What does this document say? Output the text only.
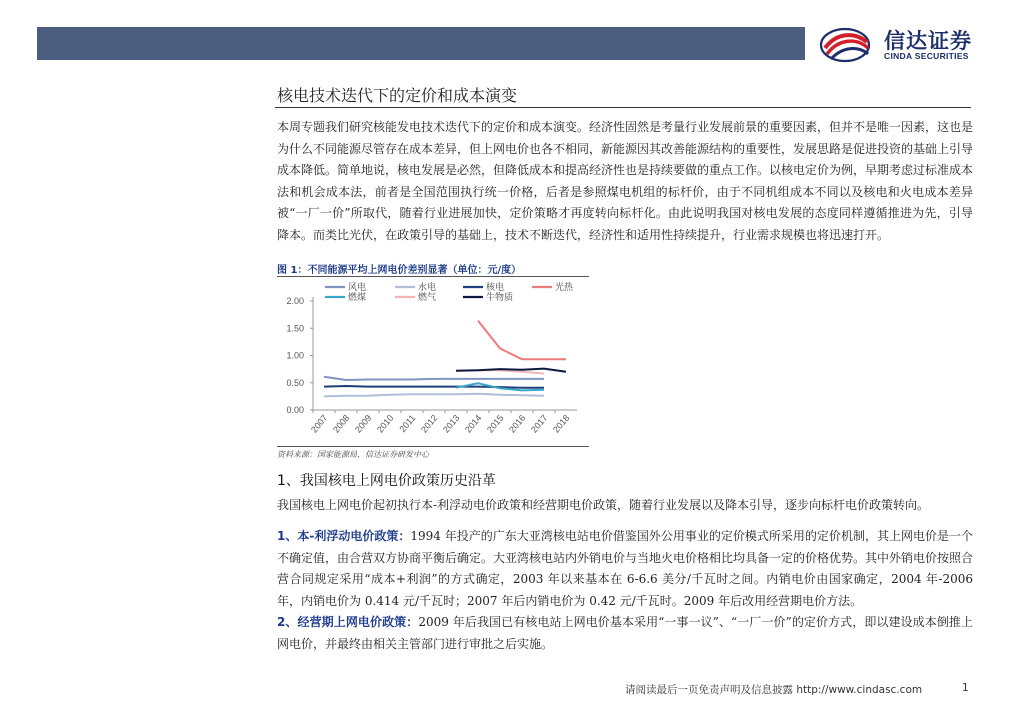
信达证券
CINDA SECURITIES
核电技术迭代下的定价和成本演变
本周专题我们研究核能发电技术迭代下的定价和成本演变。经济性固然是考量行业发展前景的重要因素，但并不是唯一因素，这也是为什么不同能源尽管存在成本差异，但上网电价也各不相同，新能源因其改善能源结构的重要性，发展思路是促进投资的基础上引导成本降低。简单地说，核电发展是必然，但降低成本和提高经济性也是持续要做的重点工作。以核电定价为例，早期考虑过标准成本法和机会成本法，前者是全国范围执行统一价格，后者是参照煤电机组的标杆价，由于不同机组成本不同以及核电和火电成本差异被“一厂一价”所取代，随着行业进展加快，定价策略才再度转向标杆化。由此说明我国对核电发展的态度同样遵循推进为先，引导降本。而类比光伏，在政策引导的基础上，技术不断迭代，经济性和适用性持续提升，行业需求规模也将迅速打开。
图 1：不同能源平均上网电价差别显著（单位：元/度）
0.00
0.50
1.00
1.50
2.00
2007 2008 2009 2010 2011 2012 2013 2014 2015 2016 2017 2018
风电	水电	核电	光热
燃煤	燃气	牛物质
资料来源：国家能源局，信达证券研发中心
1、我国核电上网电价政策历史沿革
我国核电上网电价起初执行本-利浮动电价政策和经营期电价政策，随着行业发展以及降本引导，逐步向标杆电价政策转向。
1、本-利浮动电价政策：1994 年投产的广东大亚湾核电站电价借鉴国外公用事业的定价模式所采用的定价机制，其上网电价是一个不确定值，由合营双方协商平衡后确定。大亚湾核电站内外销电价与当地火电价格相比均具备一定的价格优势。其中外销电价按照合营合同规定采用“成本+利润”的方式确定，2003 年以来基本在 6-6.6 美分/千瓦时之间。内销电价由国家确定，2004 年-2006 年，内销电价为 0.414 元/千瓦时；2007 年后内销电价为 0.42 元/千瓦时。2009 年后改用经营期电价方法。
2、经营期上网电价政策：2009 年后我国已有核电站上网电价基本采用“一事一议”、“一厂一价”的定价方式，即以建设成本倒推上网电价，并最终由相关主管部门进行审批之后实施。
请阅读最后一页免责声明及信息披露 http://www.cindasc.com	1
